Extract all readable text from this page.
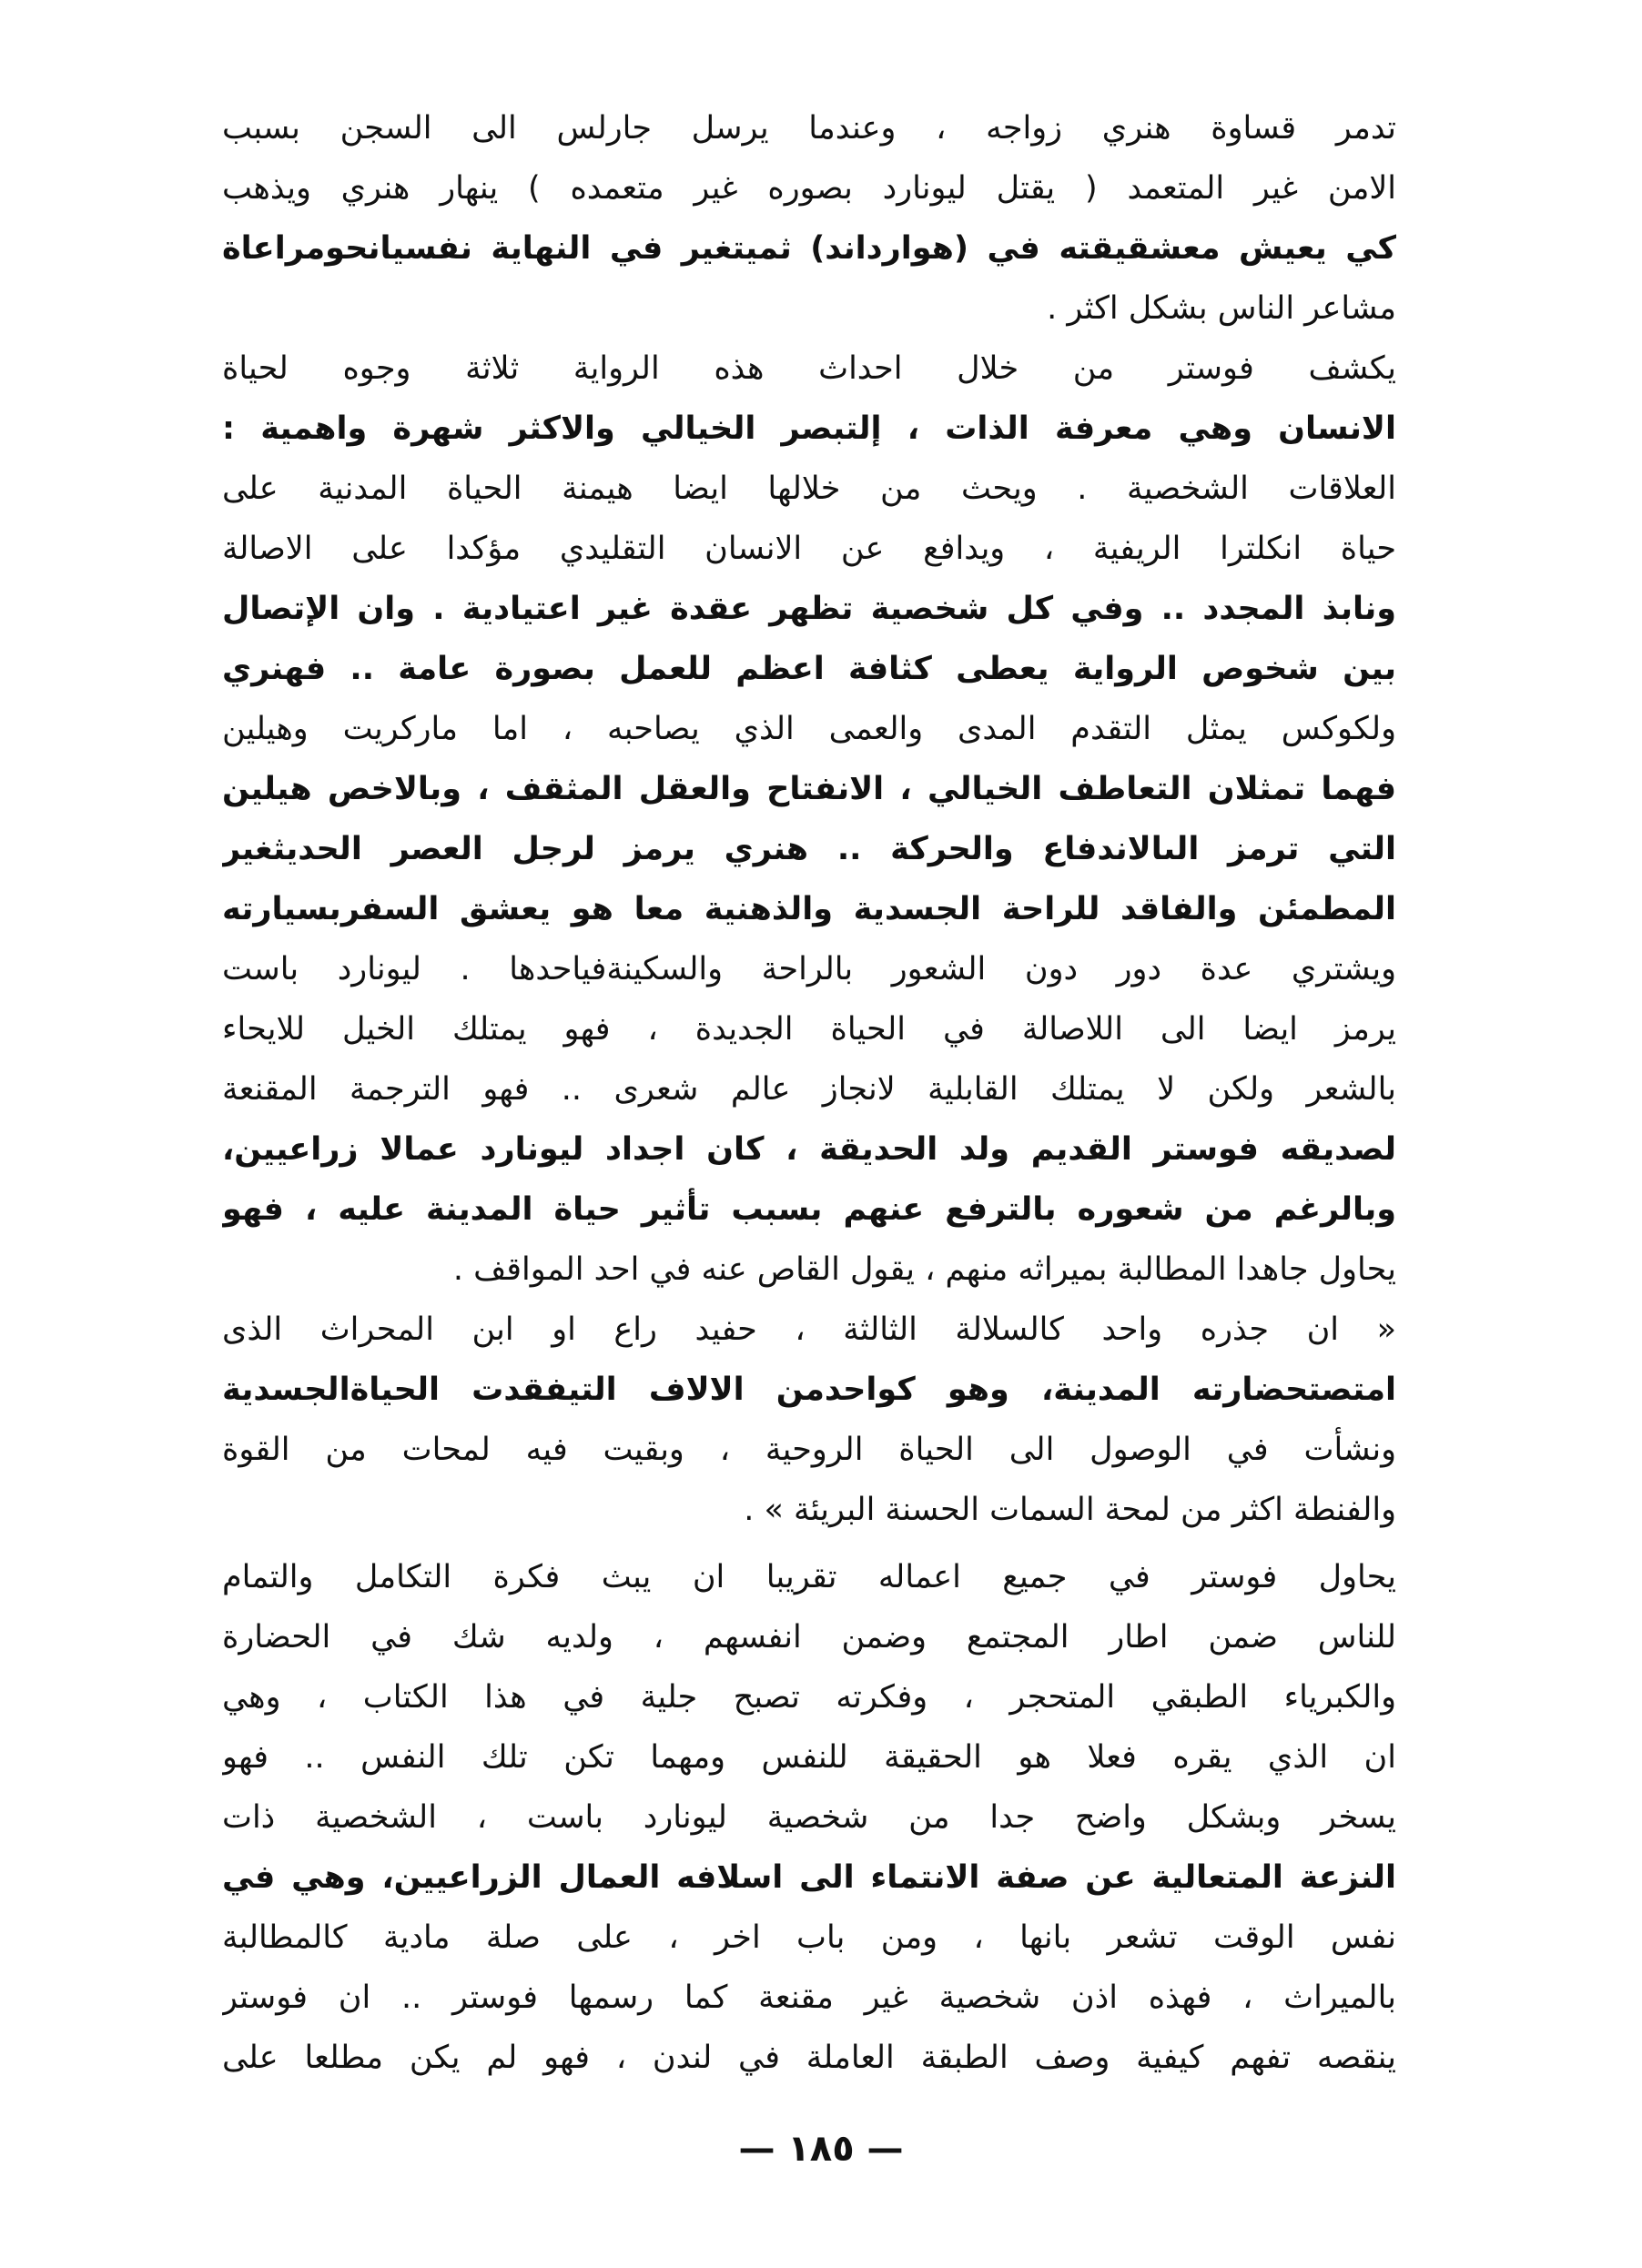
تدمر قساوة هنري زواجه ، وعندما يرسل جارلس الى السجن بسبب
الامن غير المتعمد ( يقتل ليونارد بصوره غير متعمده ) ينهار هنري ويذهب
كي يعيش معشقيقته في (هوارداند) ثميتغير في النهاية نفسيانحومراعاة
مشاعر الناس بشكل اكثر .
يكشف فوستر من خلال احداث هذه الرواية ثلاثة وجوه لحياة
الانسان وهي معرفة الذات ، إلتبصر الخيالي والاكثر شهرة واهمية :
العلاقات الشخصية . ويحث من خلالها ايضا هيمنة الحياة المدنية على
حياة انكلترا الريفية ، ويدافع عن الانسان التقليدي مؤكدا على الاصالة
ونابذ المجدد .. وفي كل شخصية تظهر عقدة غير اعتيادية . وان الإتصال
بين شخوص الرواية يعطى كثافة اعظم للعمل بصورة عامة .. فهنري
ولكوكس يمثل التقدم المدى والعمى الذي يصاحبه ، اما ماركريت وهيلين
فهما تمثلان التعاطف الخيالي ، الانفتاح والعقل المثقف ، وبالاخص هيلين
التي ترمز الىالاندفاع والحركة .. هنري يرمز لرجل العصر الحديثغير
المطمئن والفاقد للراحة الجسدية والذهنية معا هو يعشق السفربسيارته
ويشتري عدة دور دون الشعور بالراحة والسكينةفياحدها . ليونارد باست
يرمز ايضا الى اللاصالة في الحياة الجديدة ، فهو يمتلك الخيل للايحاء
بالشعر ولكن لا يمتلك القابلية لانجاز عالم شعرى .. فهو الترجمة المقنعة
لصديقه فوستر القديم ولد الحديقة ، كان اجداد ليونارد عمالا زراعيين،
وبالرغم من شعوره بالترفع عنهم بسبب تأثير حياة المدينة عليه ، فهو
يحاول جاهدا المطالبة بميراثه منهم ، يقول القاص عنه في احد المواقف .
« ان جذره واحد كالسلالة الثالثة ، حفيد راع او ابن المحراث الذى
امتصتحضارته المدينة، وهو كواحدمن الالاف التيفقدت الحياةالجسدية
ونشأت في الوصول الى الحياة الروحية ، وبقيت فيه لمحات من القوة
والفنطة اكثر من لمحة السمات الحسنة البريئة » .
يحاول فوستر في جميع اعماله تقريبا ان يبث فكرة التكامل والتمام
للناس ضمن اطار المجتمع وضمن انفسهم ، ولديه شك في الحضارة
والكبرياء الطبقي المتحجر ، وفكرته تصبح جلية في هذا الكتاب ، وهي
ان الذي يقره فعلا هو الحقيقة للنفس ومهما تكن تلك النفس .. فهو
يسخر وبشكل واضح جدا من شخصية ليونارد باست ، الشخصية ذات
النزعة المتعالية عن صفة الانتماء الى اسلافه العمال الزراعيين، وهي في
نفس الوقت تشعر بانها ، ومن باب اخر ، على صلة مادية كالمطالبة
بالميراث ، فهذه اذن شخصية غير مقنعة كما رسمها فوستر .. ان فوستر
ينقصه تفهم كيفية وصف الطبقة العاملة في لندن ، فهو لم يكن مطلعا على
— ١٨٥ —
